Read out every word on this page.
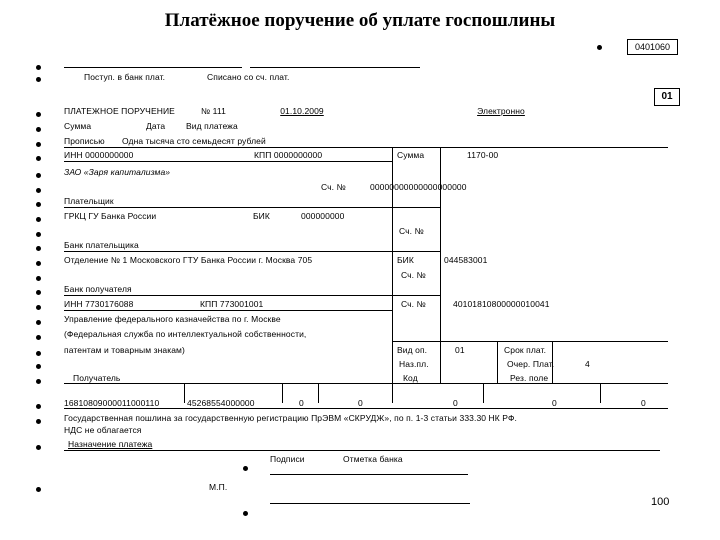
Платёжное поручение об уплате госпошлины
0401060
Поступ. в банк плат.	Списано со сч. плат.
01
ПЛАТЕЖНОЕ ПОРУЧЕНИЕ	№ 111	01.10.2009	Электронно
Сумма	Дата Вид платежа
Прописью Одна тысяча сто семьдесят рублей
ИНН 0000000000	КПП 0000000000	Сумма	1170-00
ЗАО «Заря капитализма»
Сч. №	00000000000000000000
Плательщик
ГРКЦ ГУ Банка России	БИК	000000000
Сч. №
Банк плательщика
Отделение № 1 Московского ГТУ Банка России г. Москва 705	БИК	044583001
Сч. №
Банк получателя
ИНН 7730176088	КПП 773001001	Сч. №	40101810800000010041
Управление федерального казначейства по г. Москве
(Федеральная служба по интеллектуальной собственности,
патентам и товарным знакам)	Вид оп.	01	Срок плат.
Наз.пл.	Очер. Плат.	4
Получатель	Код	Рез. поле
16810809000011000110	45268554000000	0	0	0	0	0
Государственная пошлина за государственную регистрацию ПрЭВМ «СКРУДЖ», по п. 1-3 статьи 333.30 НК РФ.
НДС не облагается
Назначение платежа
Подписи	Отметка банка
М.П.
100
